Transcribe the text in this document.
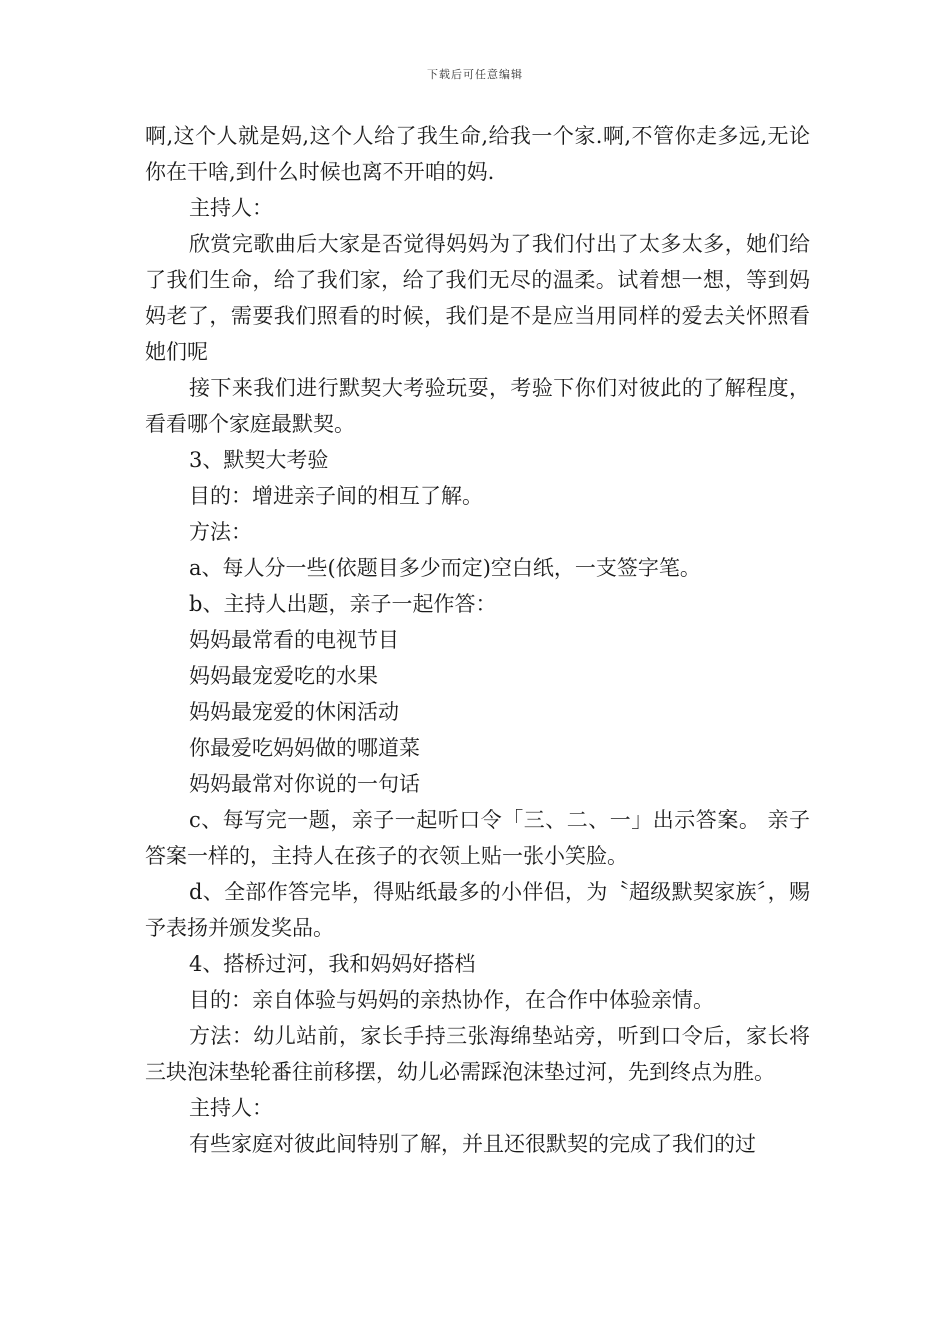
下载后可任意编辑

啊,这个人就是妈,这个人给了我生命,给我一个家.啊,不管你走多远,无论你在干啥,到什么时候也离不开咱的妈.

主持人：

欣赏完歌曲后大家是否觉得妈妈为了我们付出了太多太多，她们给了我们生命，给了我们家，给了我们无尽的温柔。试着想一想，等到妈妈老了，需要我们照看的时候，我们是不是应当用同样的爱去关怀照看她们呢

接下来我们进行默契大考验玩耍，考验下你们对彼此的了解程度，看看哪个家庭最默契。

3、默契大考验

目的：增进亲子间的相互了解。

方法：

a、每人分一些(依题目多少而定)空白纸，一支签字笔。

b、主持人出题，亲子一起作答：

妈妈最常看的电视节目

妈妈最宠爱吃的水果

妈妈最宠爱的休闲活动

你最爱吃妈妈做的哪道菜

妈妈最常对你说的一句话

c、每写完一题，亲子一起听口令「三、二、一」出示答案。 亲子答案一样的，主持人在孩子的衣领上贴一张小笑脸。

d、全部作答完毕，得贴纸最多的小伴侣，为〝超级默契家族〞，赐予表扬并颁发奖品。

4、搭桥过河，我和妈妈好搭档

目的：亲自体验与妈妈的亲热协作，在合作中体验亲情。

方法：幼儿站前，家长手持三张海绵垫站旁，听到口令后，家长将三块泡沫垫轮番往前移摆，幼儿必需踩泡沫垫过河，先到终点为胜。

主持人：

有些家庭对彼此间特别了解，并且还很默契的完成了我们的过
